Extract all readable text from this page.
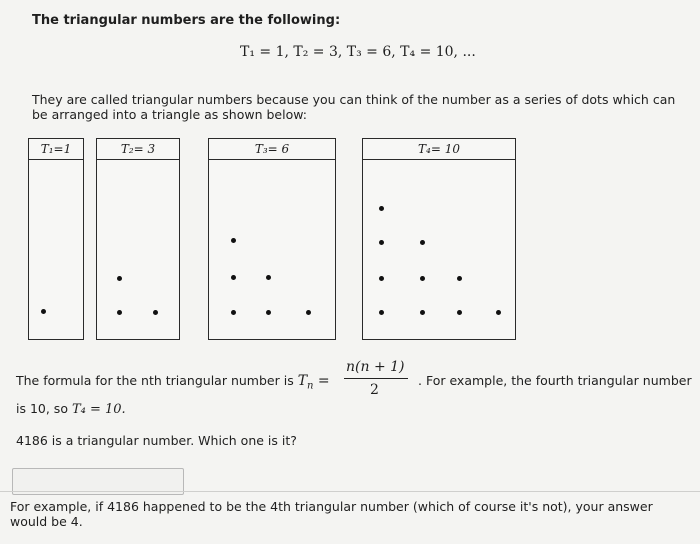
The triangular numbers are the following:
T₁ = 1, T₂ = 3, T₃ = 6, T₄ = 10, ...
They are called triangular numbers because you can think of the number as a series of dots which can be arranged into a triangle as shown below:
T₁=1	T₂= 3	T₃= 6	T₄= 10
The formula for the nth triangular number is $T_n$ =
n(n + 1)
2
. For example, the fourth triangular number
is 10, so T₄ = 10.
4186 is a triangular number. Which one is it?
For example, if 4186 happened to be the 4th triangular number (which of course it's not), your answer would be 4.
